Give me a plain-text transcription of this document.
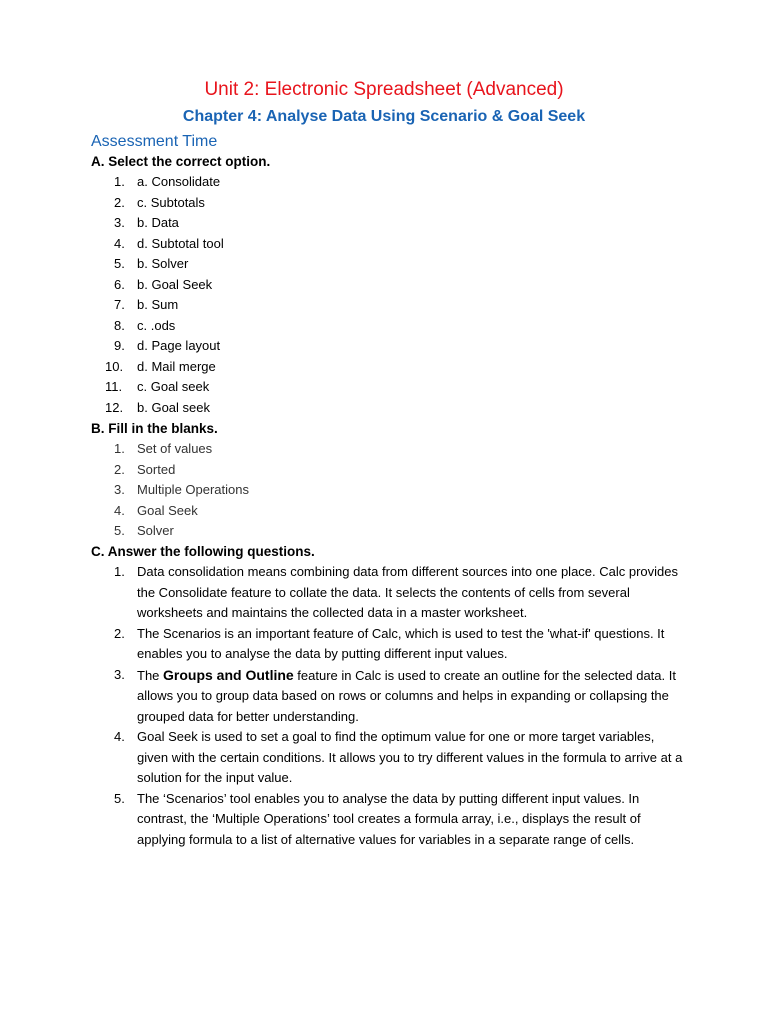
Unit 2: Electronic Spreadsheet (Advanced)
Chapter 4: Analyse Data Using Scenario & Goal Seek
Assessment Time

A. Select the correct option.

1. a. Consolidate
2. c. Subtotals
3. b. Data
4. d. Subtotal tool
5. b. Solver
6. b. Goal Seek
7. b. Sum
8. c. .ods
9. d. Page layout
10. d. Mail merge
11. c. Goal seek
12. b. Goal seek

B. Fill in the blanks.

1. Set of values
2. Sorted
3. Multiple Operations
4. Goal Seek
5. Solver

C. Answer the following questions.

1. Data consolidation means combining data from different sources into one place. Calc provides the Consolidate feature to collate the data. It selects the contents of cells from several worksheets and maintains the collected data in a master worksheet.
2. The Scenarios is an important feature of Calc, which is used to test the 'what-if' questions. It enables you to analyse the data by putting different input values.
3. The Groups and Outline feature in Calc is used to create an outline for the selected data. It allows you to group data based on rows or columns and helps in expanding or collapsing the grouped data for better understanding.
4. Goal Seek is used to set a goal to find the optimum value for one or more target variables, given with the certain conditions. It allows you to try different values in the formula to arrive at a solution for the input value.
5. The ‘Scenarios’ tool enables you to analyse the data by putting different input values. In contrast, the ‘Multiple Operations’ tool creates a formula array, i.e., displays the result of applying formula to a list of alternative values for variables in a separate range of cells.
